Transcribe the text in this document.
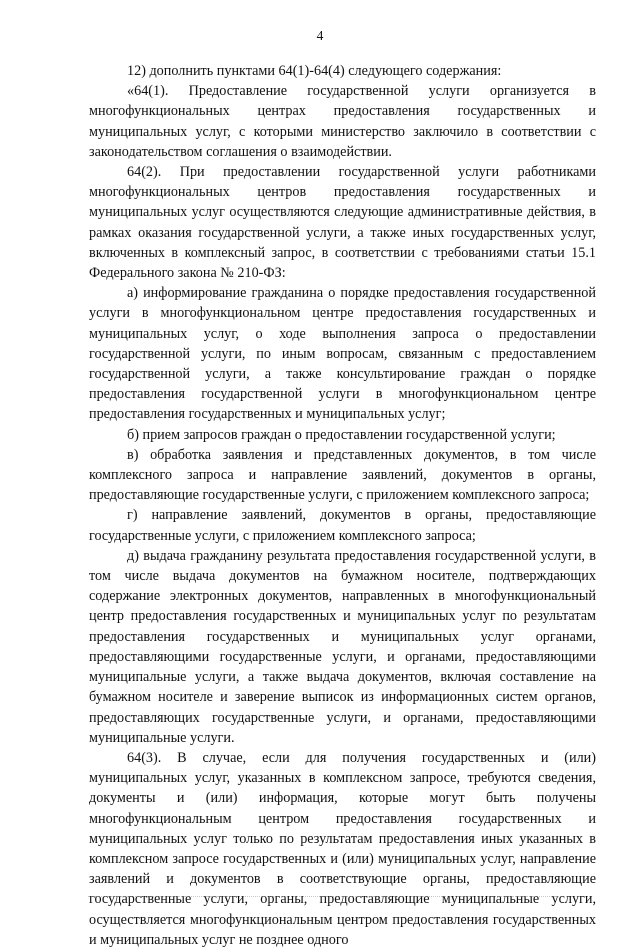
4

12) дополнить пунктами 64(1)-64(4) следующего содержания:

«64(1). Предоставление государственной услуги организуется в многофункциональных центрах предоставления государственных и муниципальных услуг, с которыми министерство заключило в соответствии с законодательством соглашения о взаимодействии.

64(2). При предоставлении государственной услуги работниками многофункциональных центров предоставления государственных и муниципальных услуг осуществляются следующие административные действия, в рамках оказания государственной услуги, а также иных государственных услуг, включенных в комплексный запрос, в соответствии с требованиями статьи 15.1 Федерального закона № 210-ФЗ:

а) информирование гражданина о порядке предоставления государственной услуги в многофункциональном центре предоставления государственных и муниципальных услуг, о ходе выполнения запроса о предоставлении государственной услуги, по иным вопросам, связанным с предоставлением государственной услуги, а также консультирование граждан о порядке предоставления государственной услуги в многофункциональном центре предоставления государственных и муниципальных услуг;

б) прием запросов граждан о предоставлении государственной услуги;

в) обработка заявления и представленных документов, в том числе комплексного запроса и направление заявлений, документов в органы, предоставляющие государственные услуги, с приложением комплексного запроса;

г) направление заявлений, документов в органы, предоставляющие государственные услуги, с приложением комплексного запроса;

д) выдача гражданину результата предоставления государственной услуги, в том числе выдача документов на бумажном носителе, подтверждающих содержание электронных документов, направленных в многофункциональный центр предоставления государственных и муниципальных услуг по результатам предоставления государственных и муниципальных услуг органами, предоставляющими государственные услуги, и органами, предоставляющими муниципальные услуги, а также выдача документов, включая составление на бумажном носителе и заверение выписок из информационных систем органов, предоставляющих государственные услуги, и органами, предоставляющими муниципальные услуги.

64(3). В случае, если для получения государственных и (или) муниципальных услуг, указанных в комплексном запросе, требуются сведения, документы и (или) информация, которые могут быть получены многофункциональным центром предоставления государственных и муниципальных услуг только по результатам предоставления иных указанных в комплексном запросе государственных и (или) муниципальных услуг, направление заявлений и документов в соответствующие органы, предоставляющие государственные услуги, органы, предоставляющие муниципальные услуги, осуществляется многофункциональным центром предоставления государственных и муниципальных услуг не позднее одного
